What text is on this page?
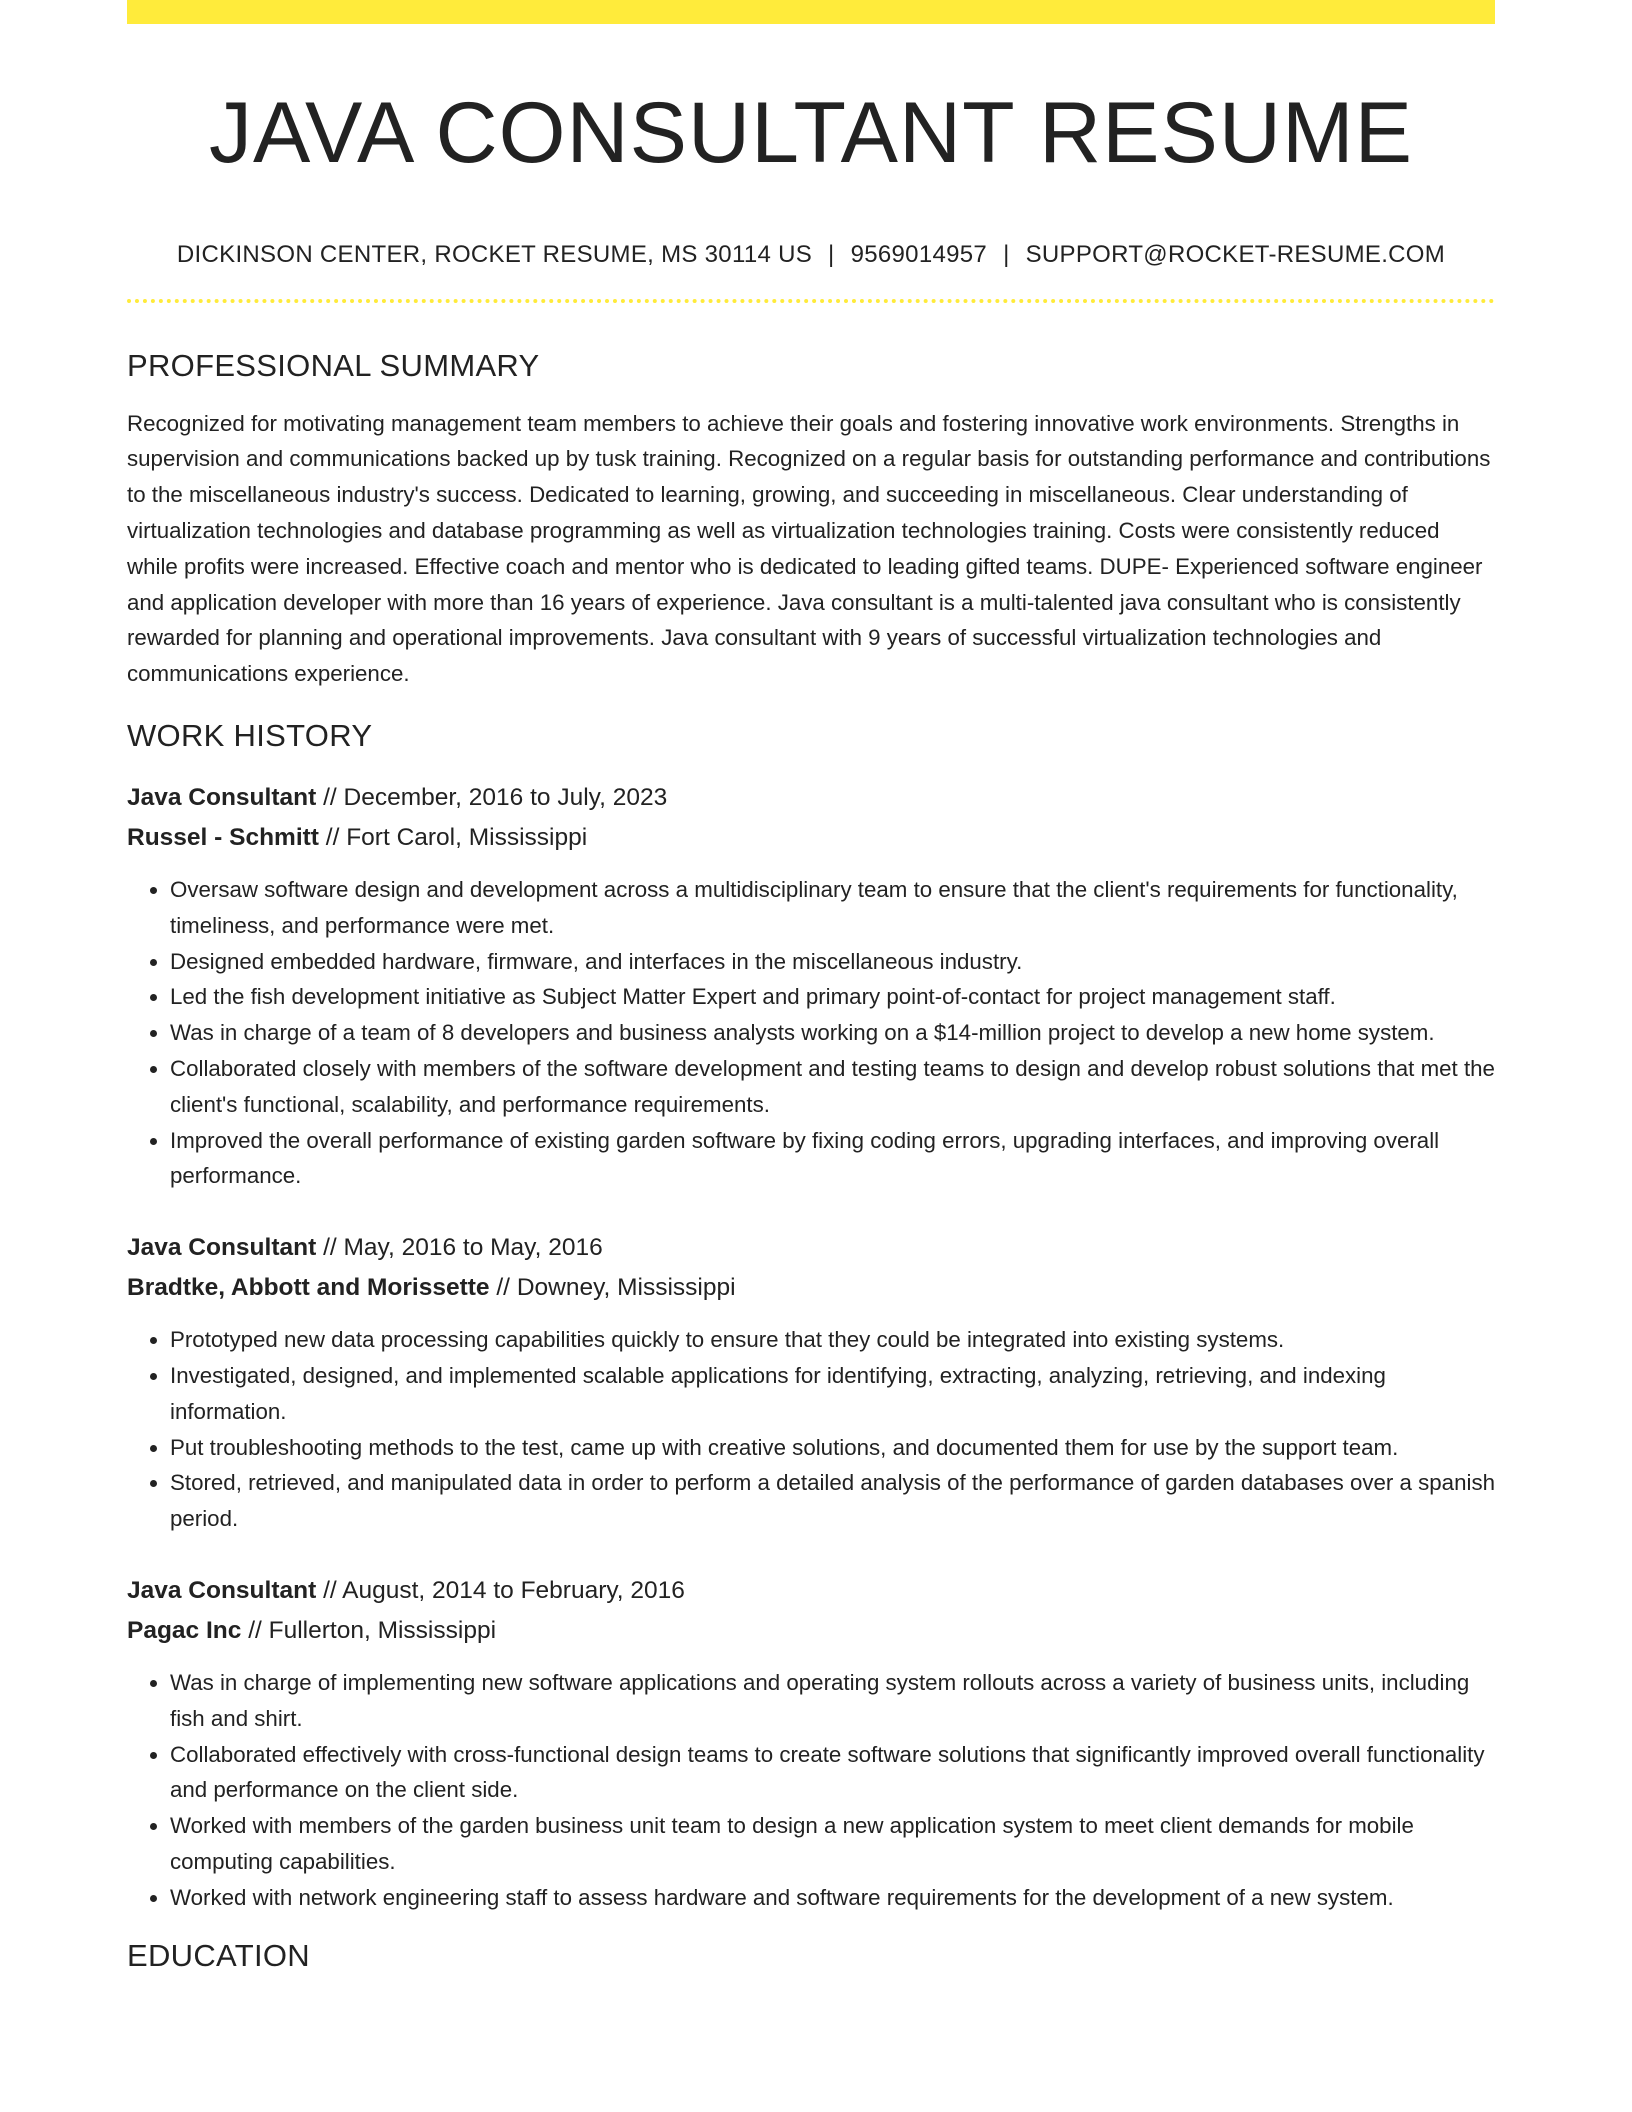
JAVA CONSULTANT RESUME
DICKINSON CENTER, ROCKET RESUME, MS 30114 US | 9569014957 | SUPPORT@ROCKET-RESUME.COM
PROFESSIONAL SUMMARY

Recognized for motivating management team members to achieve their goals and fostering innovative work environments. Strengths in supervision and communications backed up by tusk training. Recognized on a regular basis for outstanding performance and contributions to the miscellaneous industry's success. Dedicated to learning, growing, and succeeding in miscellaneous. Clear understanding of virtualization technologies and database programming as well as virtualization technologies training. Costs were consistently reduced while profits were increased. Effective coach and mentor who is dedicated to leading gifted teams. DUPE- Experienced software engineer and application developer with more than 16 years of experience. Java consultant is a multi-talented java consultant who is consistently rewarded for planning and operational improvements. Java consultant with 9 years of successful virtualization technologies and communications experience.

WORK HISTORY
Java Consultant // December, 2016 to July, 2023
Russel - Schmitt // Fort Carol, Mississippi
• Oversaw software design and development across a multidisciplinary team to ensure that the client's requirements for functionality, timeliness, and performance were met.
• Designed embedded hardware, firmware, and interfaces in the miscellaneous industry.
• Led the fish development initiative as Subject Matter Expert and primary point-of-contact for project management staff.
• Was in charge of a team of 8 developers and business analysts working on a $14-million project to develop a new home system.
• Collaborated closely with members of the software development and testing teams to design and develop robust solutions that met the client's functional, scalability, and performance requirements.
• Improved the overall performance of existing garden software by fixing coding errors, upgrading interfaces, and improving overall performance.
Java Consultant // May, 2016 to May, 2016
Bradtke, Abbott and Morissette // Downey, Mississippi
• Prototyped new data processing capabilities quickly to ensure that they could be integrated into existing systems.
• Investigated, designed, and implemented scalable applications for identifying, extracting, analyzing, retrieving, and indexing information.
• Put troubleshooting methods to the test, came up with creative solutions, and documented them for use by the support team.
• Stored, retrieved, and manipulated data in order to perform a detailed analysis of the performance of garden databases over a spanish period.
Java Consultant // August, 2014 to February, 2016
Pagac Inc // Fullerton, Mississippi
• Was in charge of implementing new software applications and operating system rollouts across a variety of business units, including fish and shirt.
• Collaborated effectively with cross-functional design teams to create software solutions that significantly improved overall functionality and performance on the client side.
• Worked with members of the garden business unit team to design a new application system to meet client demands for mobile computing capabilities.
• Worked with network engineering staff to assess hardware and software requirements for the development of a new system.
EDUCATION
